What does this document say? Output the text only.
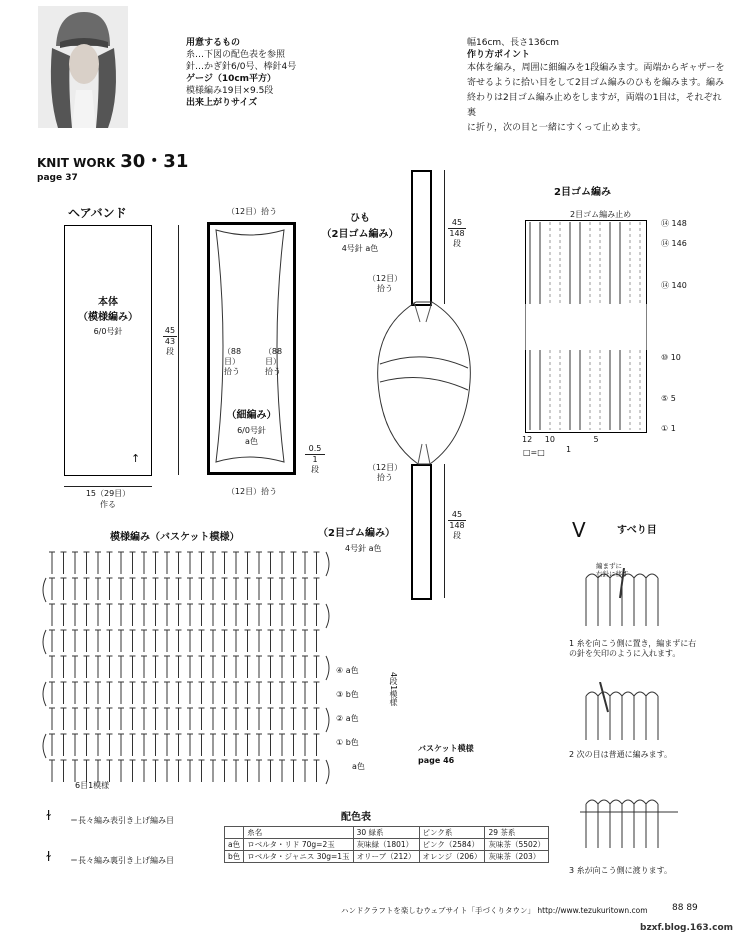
用意するもの
糸…下図の配色表を参照
針…かぎ針6/0号、棒針4号
ゲージ（10cm平方）
模様編み19目×9.5段
出来上がりサイズ
幅16cm、長さ136cm
作り方ポイント
本体を編み，周囲に細編みを1段編みます。両端からギャザーを
寄せるように拾い目をして2目ゴム編みのひもを編みます。編み
終わりは2目ゴム編み止めをしますが，両端の1目は，それぞれ裏
に折り，次の目と一緒にすくって止めます。
KNIT WORK 30・31
page 37
ヘアバンド
本体
（模様編み）
6/0号針
↑
45
43
段
15（29目）
作る
（12目）拾う
（12目）拾う
（88目）
拾う
（88目）
拾う
（細編み）
6/0号針
a色
0.5
1
段
ひも
（2目ゴム編み）
4号針 a色
（12目）
拾う
（12目）
拾う
45
148
段
45
148
段
（2目ゴム編み）
4号針 a色
2目ゴム編み
2目ゴム編み止め
⑭ 148
⑭ 146
⑭ 140
⑩ 10
⑤ 5
① 1
12 10	5 1
□=□
模様編み（バスケット模様）
④ a色
③ b色
② a色
① b色
a色
4段1模様
6目1模様
バスケット模様
page 46
ɫ ＝長々編み表引き上げ編み目
ɫ ＝長々編み裏引き上げ編み目
配色表
	糸名	30 緑系	ピンク系	29 茶系
a色	ロベルタ・リド 70g=2玉	灰味緑（1801）	ピンク（2584）	灰味茶（5502）
b色	ロベルタ・ジャニス 30g=1玉	オリーブ（212）	オレンジ（206）	灰味茶（203）
V	すべり目
編まずに
右針に移す
1 糸を向こう側に置き，編まずに右の針を矢印のように入れます。
2 次の目は普通に編みます。
3 糸が向こう側に渡ります。
ハンドクラフトを楽しむウェブサイト「手づくりタウン」 http://www.tezukuritown.com	88 89
bzxf.blog.163.com
